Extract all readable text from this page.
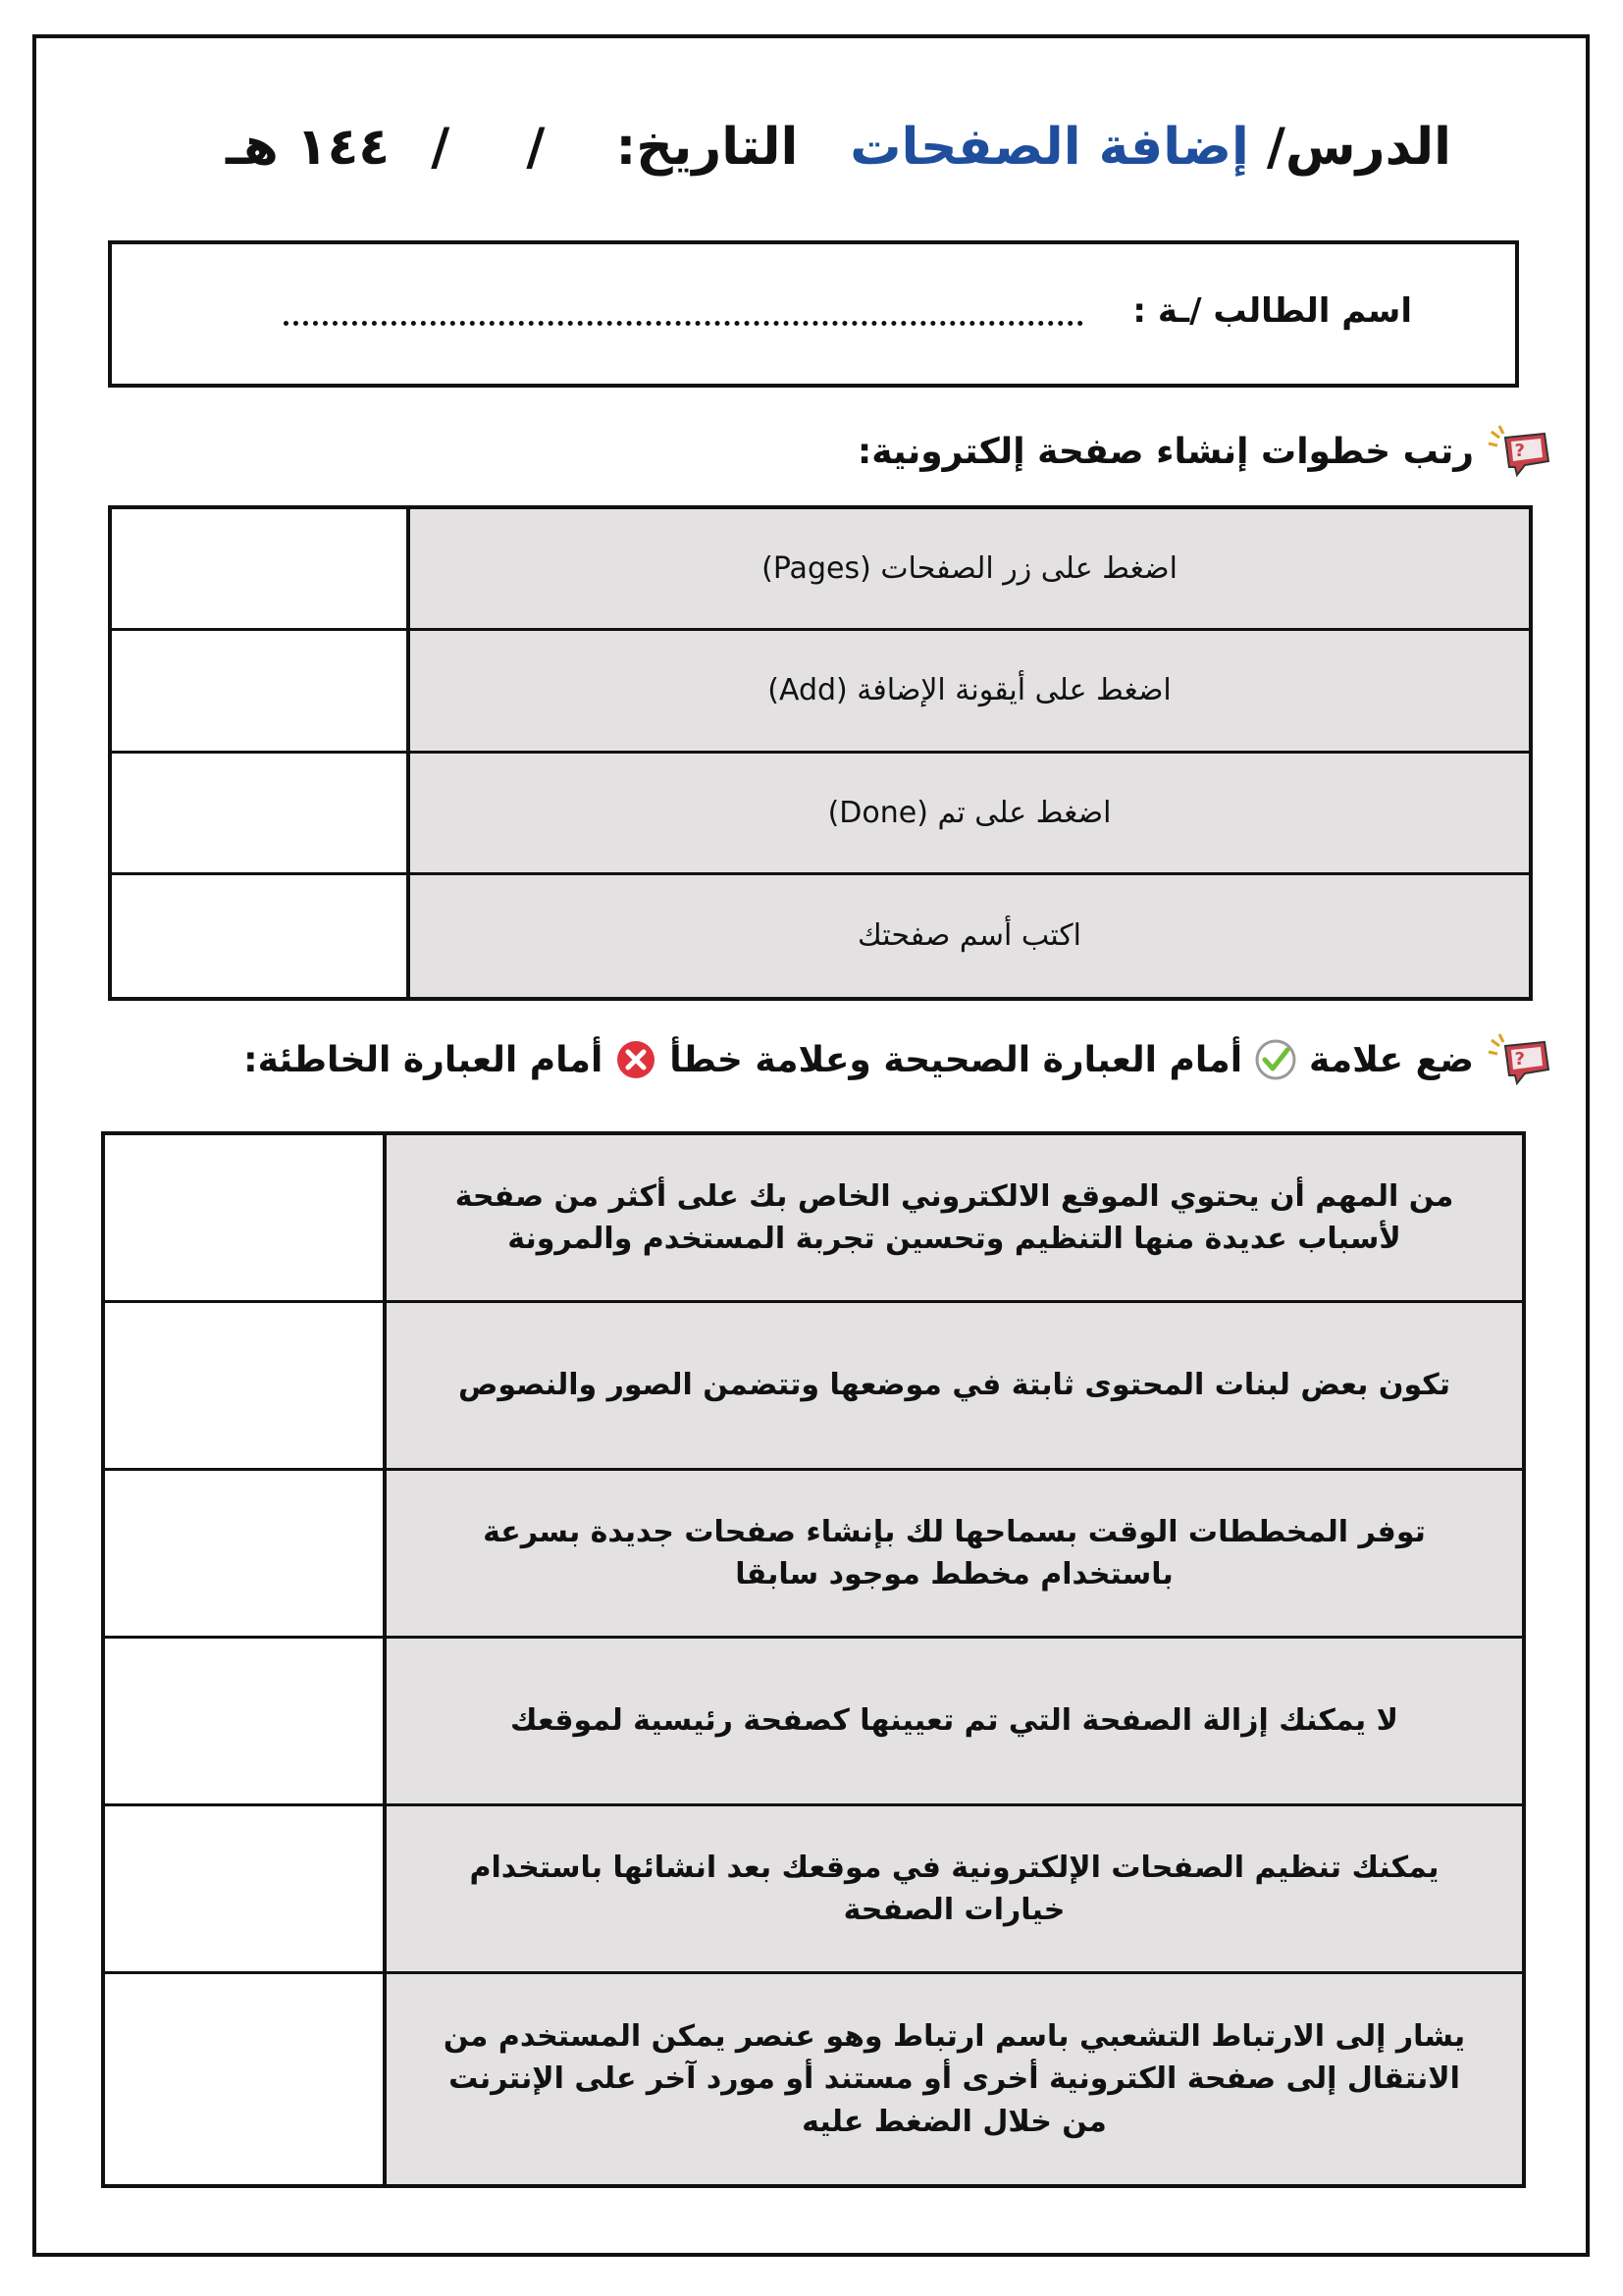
التاريخ: / / ١٤٤ هـ	الدرس/ إضافة الصفحات
اسم الطالب /ـة :
?
رتب خطوات إنشاء صفحة إلكترونية:
اضغط على زر الصفحات (Pages)
اضغط على أيقونة الإضافة (Add)
اضغط على تم (Done)
اكتب أسم صفحتك
?
ضع علامة
أمام العبارة الصحيحة وعلامة خطأ
أمام العبارة الخاطئة:
من المهم أن يحتوي الموقع الالكتروني الخاص بك على أكثر من صفحة لأسباب عديدة منها التنظيم وتحسين تجربة المستخدم والمرونة
تكون بعض لبنات المحتوى ثابتة في موضعها وتتضمن الصور والنصوص
توفر المخططات الوقت بسماحها لك بإنشاء صفحات جديدة بسرعة باستخدام مخطط موجود سابقا
لا يمكنك إزالة الصفحة التي تم تعيينها كصفحة رئيسية لموقعك
يمكنك تنظيم الصفحات الإلكترونية في موقعك بعد انشائها باستخدام خيارات الصفحة
يشار إلى الارتباط التشعبي باسم ارتباط وهو عنصر يمكن المستخدم من الانتقال إلى صفحة الكترونية أخرى أو مستند أو مورد آخر على الإنترنت من خلال الضغط عليه
